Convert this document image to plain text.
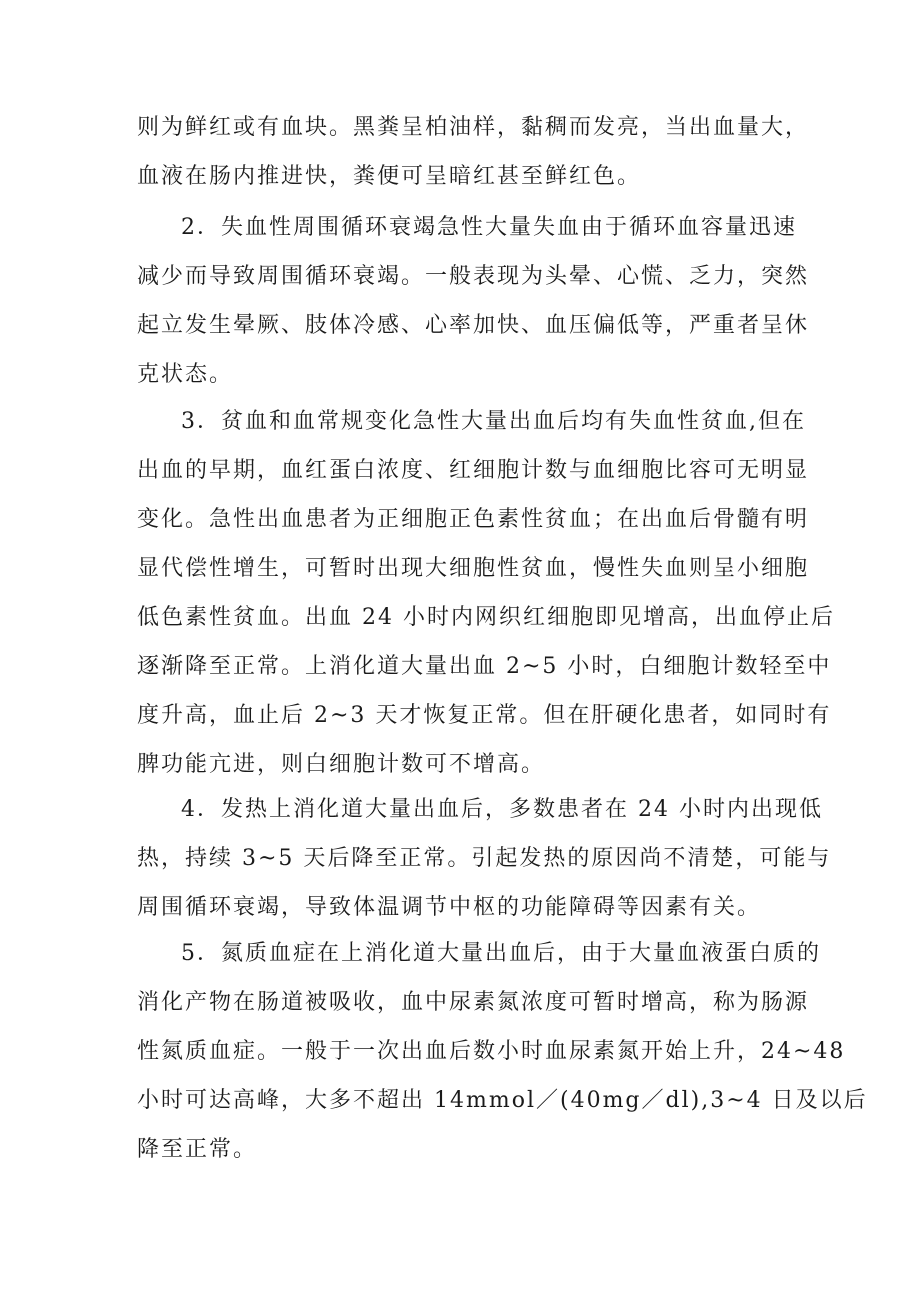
则为鲜红或有血块。黑粪呈柏油样，黏稠而发亮，当出血量大，
血液在肠内推进快，粪便可呈暗红甚至鲜红色。
2．失血性周围循环衰竭急性大量失血由于循环血容量迅速
减少而导致周围循环衰竭。一般表现为头晕、心慌、乏力，突然
起立发生晕厥、肢体冷感、心率加快、血压偏低等，严重者呈休
克状态。
3．贫血和血常规变化急性大量出血后均有失血性贫血,但在
出血的早期，血红蛋白浓度、红细胞计数与血细胞比容可无明显
变化。急性出血患者为正细胞正色素性贫血；在出血后骨髓有明
显代偿性增生，可暂时出现大细胞性贫血，慢性失血则呈小细胞
低色素性贫血。出血 24 小时内网织红细胞即见增高，出血停止后
逐渐降至正常。上消化道大量出血 2~5 小时，白细胞计数轻至中
度升高，血止后 2~3 天才恢复正常。但在肝硬化患者，如同时有
脾功能亢进，则白细胞计数可不增高。
4．发热上消化道大量出血后，多数患者在 24 小时内出现低
热，持续 3~5 天后降至正常。引起发热的原因尚不清楚，可能与
周围循环衰竭，导致体温调节中枢的功能障碍等因素有关。
5．氮质血症在上消化道大量出血后，由于大量血液蛋白质的
消化产物在肠道被吸收，血中尿素氮浓度可暂时增高，称为肠源
性氮质血症。一般于一次出血后数小时血尿素氮开始上升，24~48
小时可达高峰，大多不超出 14mmol／(40mg／dl),3~4 日及以后
降至正常。
